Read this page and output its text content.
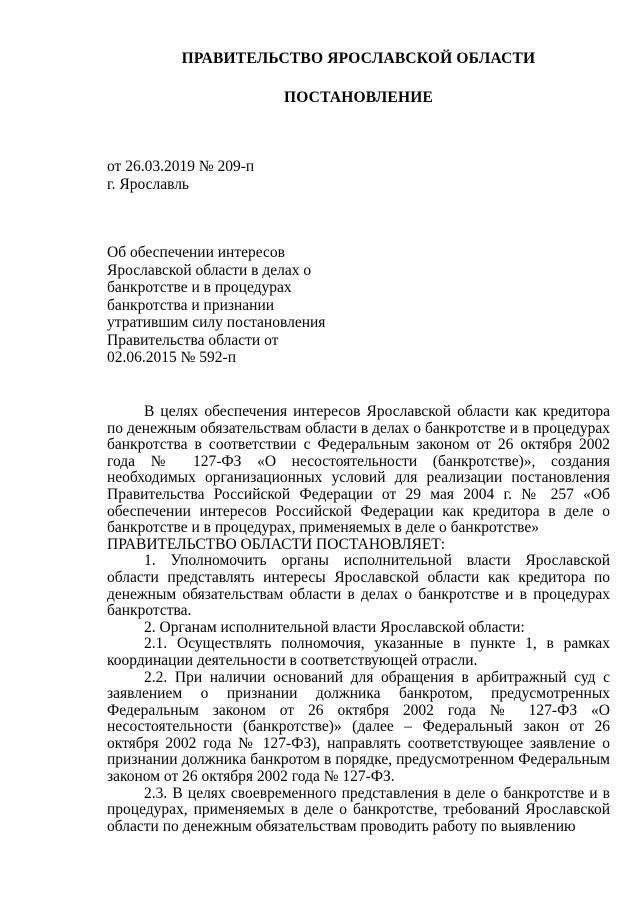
ПРАВИТЕЛЬСТВО ЯРОСЛАВСКОЙ ОБЛАСТИ
ПОСТАНОВЛЕНИЕ
от 26.03.2019 № 209-п
г. Ярославль
Об обеспечении интересов
Ярославской области в делах о
банкротстве и в процедурах
банкротства и признании
утратившим силу постановления
Правительства области от
02.06.2015 № 592-п

В целях обеспечения интересов Ярославской области как кредитора по денежным обязательствам области в делах о банкротстве и в процедурах банкротства в соответствии с Федеральным законом от 26 октября 2002 года № 127-ФЗ «О несостоятельности (банкротстве)», создания необходимых организационных условий для реализации постановления Правительства Российской Федерации от 29 мая 2004 г. № 257 «Об обеспечении интересов Российской Федерации как кредитора в деле о банкротстве и в процедурах, применяемых в деле о банкротстве»

ПРАВИТЕЛЬСТВО ОБЛАСТИ ПОСТАНОВЛЯЕТ:

1. Уполномочить органы исполнительной власти Ярославской области представлять интересы Ярославской области как кредитора по денежным обязательствам области в делах о банкротстве и в процедурах банкротства.

2. Органам исполнительной власти Ярославской области:

2.1. Осуществлять полномочия, указанные в пункте 1, в рамках координации деятельности в соответствующей отрасли.

2.2. При наличии оснований для обращения в арбитражный суд с заявлением о признании должника банкротом, предусмотренных Федеральным законом от 26 октября 2002 года № 127-ФЗ «О несостоятельности (банкротстве)» (далее – Федеральный закон от 26 октября 2002 года № 127-ФЗ), направлять соответствующее заявление о признании должника банкротом в порядке, предусмотренном Федеральным законом от 26 октября 2002 года № 127-ФЗ.

2.3. В целях своевременного представления в деле о банкротстве и в процедурах, применяемых в деле о банкротстве, требований Ярославской области по денежным обязательствам проводить работу по выявлению
